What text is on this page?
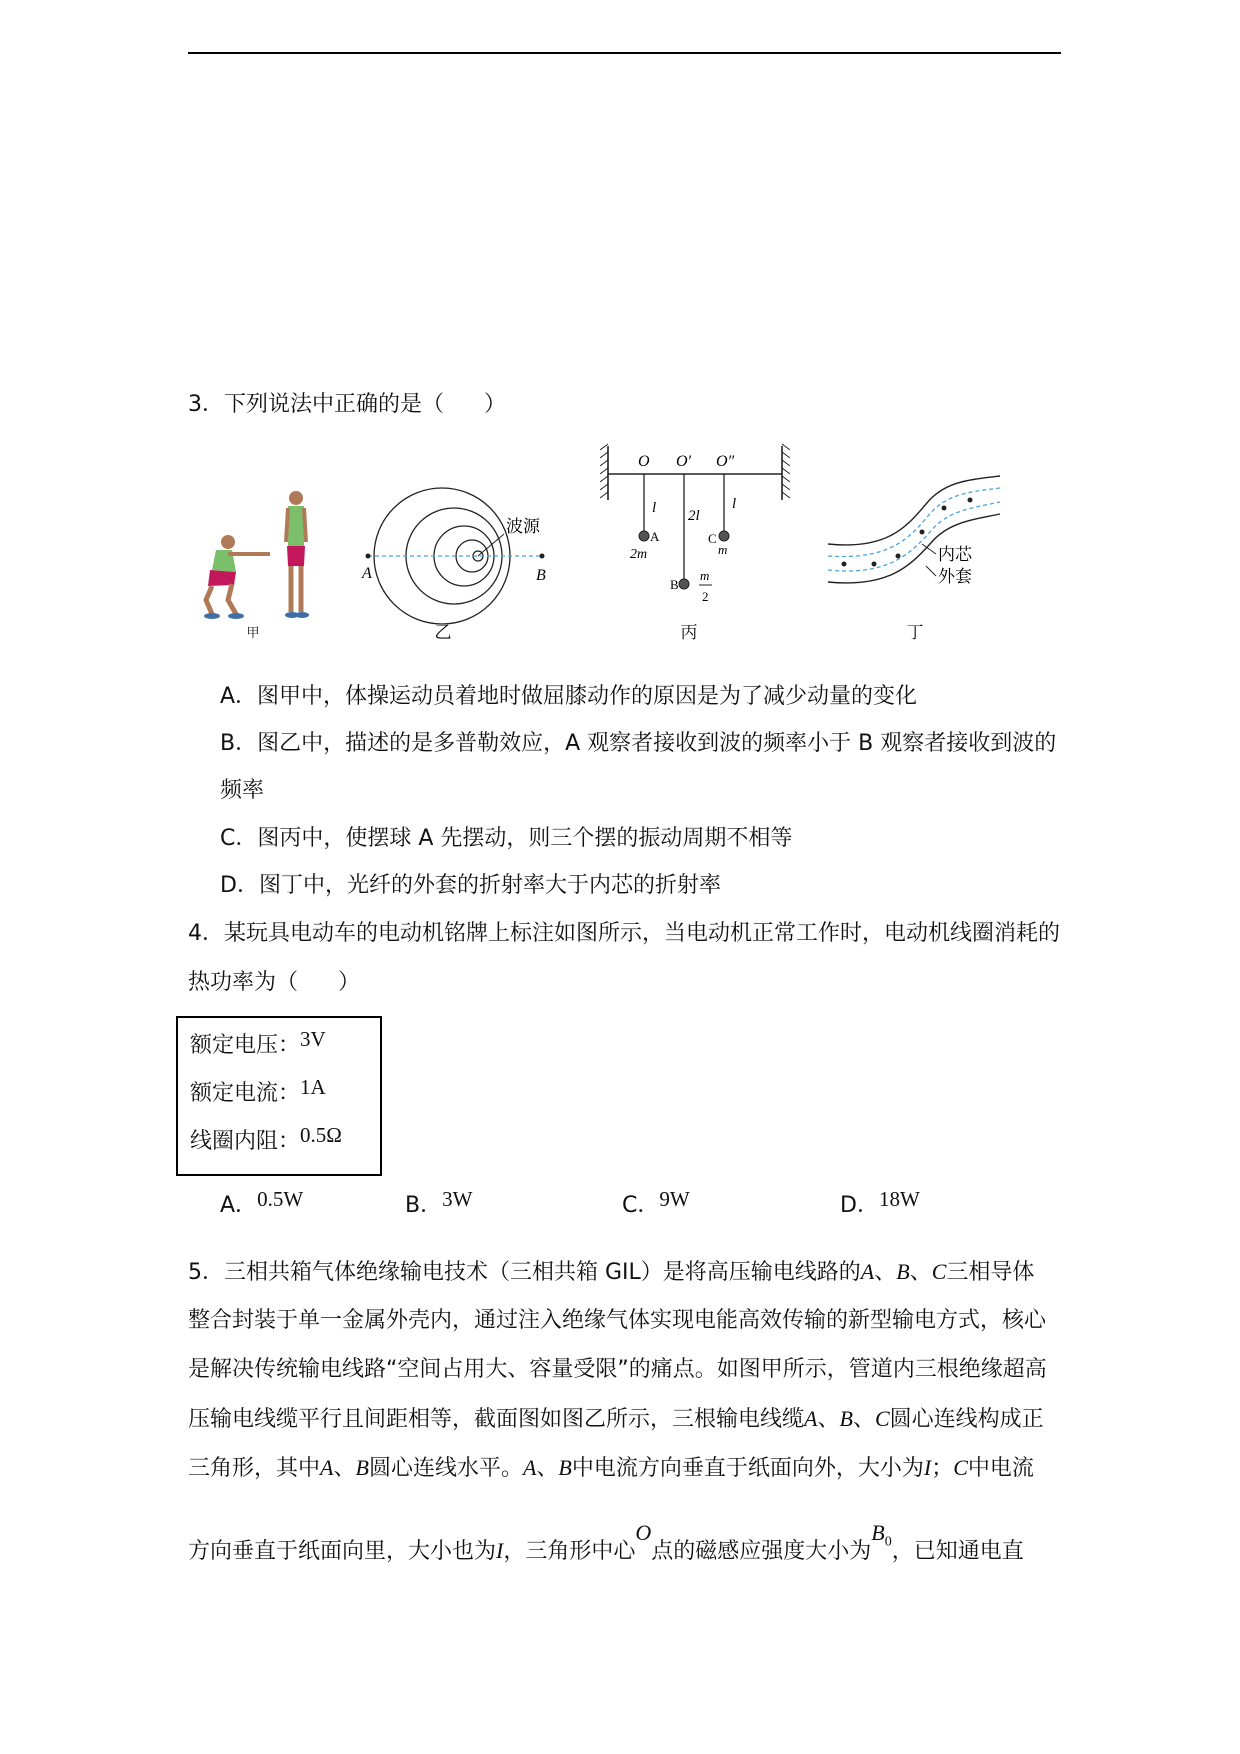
3．下列说法中正确的是（ ）
甲
波源
A	B
乙
O O′ O″
l 2l
l
A
2m
C
m
B
m
2
丙
内芯
外套
丁
A．图甲中，体操运动员着地时做屈膝动作的原因是为了减少动量的变化
B．图乙中，描述的是多普勒效应，A 观察者接收到波的频率小于 B 观察者接收到波的
频率
C．图丙中，使摆球 A 先摆动，则三个摆的振动周期不相等
D．图丁中，光纤的外套的折射率大于内芯的折射率
4．某玩具电动车的电动机铭牌上标注如图所示，当电动机正常工作时，电动机线圈消耗的
热功率为（ ）
额定电压：3V
额定电流：1A
线圈内阻：0.5Ω
A．0.5W	B．3W	C．9W	D．18W
5．三相共箱气体绝缘输电技术（三相共箱 GIL）是将高压输电线路的A、B、C三相导体
整合封装于单一金属外壳内，通过注入绝缘气体实现电能高效传输的新型输电方式，核心
是解决传统输电线路“空间占用大、容量受限”的痛点。如图甲所示，管道内三根绝缘超高
压输电线缆平行且间距相等，截面图如图乙所示，三根输电线缆A、B、C圆心连线构成正
三角形，其中A、B圆心连线水平。A、B中电流方向垂直于纸面向外，大小为I；C中电流
方向垂直于纸面向里，大小也为I，三角形中心O点的磁感应强度大小为$B_0$，已知通电直
